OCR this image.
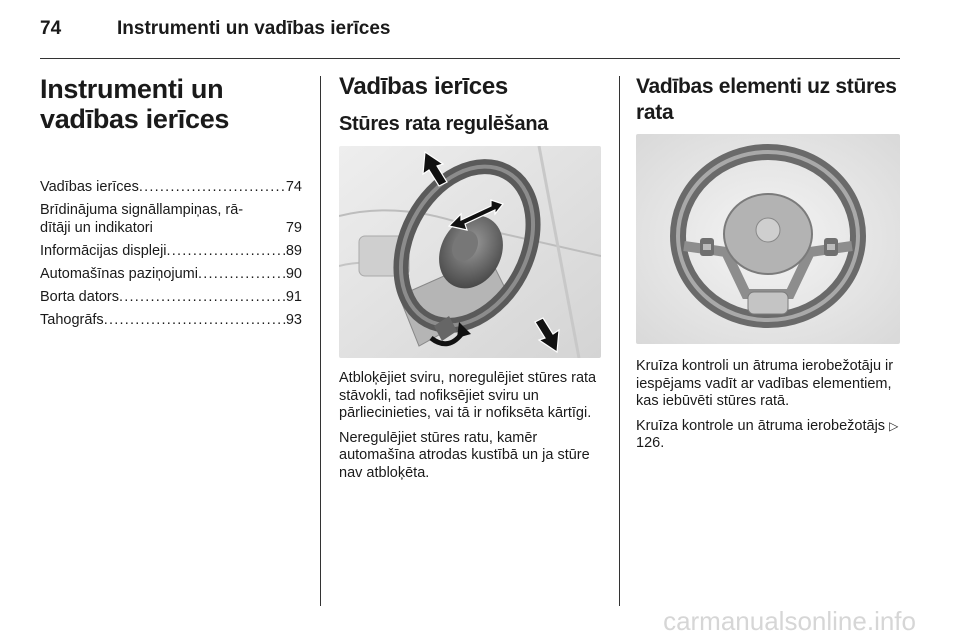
74	Instrumenti un vadības ierīces
Instrumenti un
vadības ierīces
Vadības ierīces . . .	74
Brīdinājuma signāllampiņas, rā-
dītāji un indikatori	79
Informācijas displeji . . .	89
Automašīnas paziņojumi . . .	90
Borta dators . . .	91
Tahogrāfs . . .	93
Vadības ierīces
Stūres rata regulēšana

Atbloķējiet sviru, noregulējiet stūres rata stāvokli, tad nofiksējiet sviru un pārliecinieties, vai tā ir nofiksēta kārtīgi.

Neregulējiet stūres ratu, kamēr automašīna atrodas kustībā un ja stūre nav atbloķēta.

Vadības elementi uz stūres rata

Kruīza kontroli un ātruma ierobežotāju ir iespējams vadīt ar vadības elementiem, kas iebūvēti stūres ratā.

Kruīza kontrole un ātruma ierobežotājs ▷ 126.

carmanualsonline.info
